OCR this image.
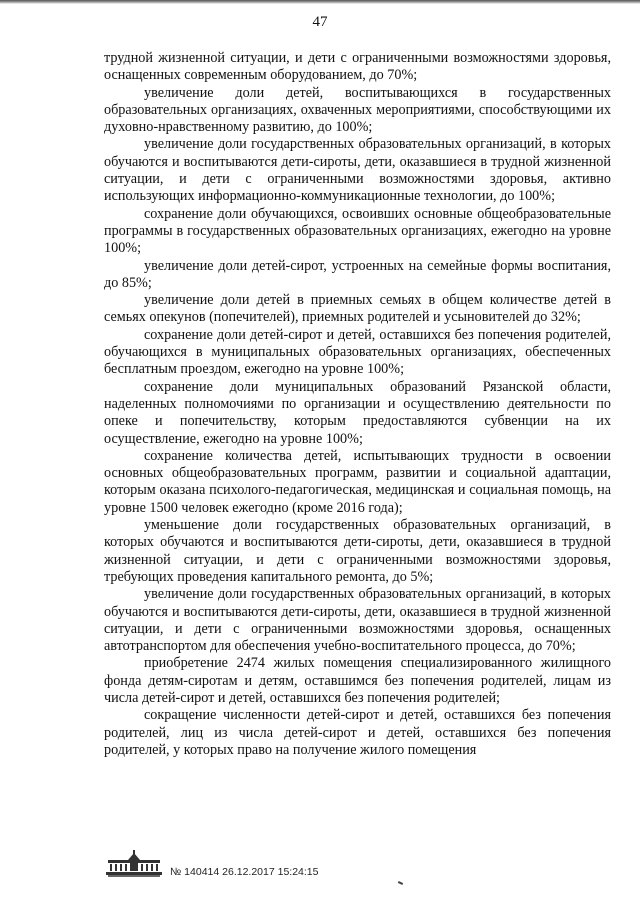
47

трудной жизненной ситуации, и дети с ограниченными возможностями здоровья, оснащенных современным оборудованием, до 70%;

увеличение доли детей, воспитывающихся в государственных образовательных организациях, охваченных мероприятиями, способствующими их духовно-нравственному развитию, до 100%;

увеличение доли государственных образовательных организаций, в которых обучаются и воспитываются дети-сироты, дети, оказавшиеся в трудной жизненной ситуации, и дети с ограниченными возможностями здоровья, активно использующих информационно-коммуникационные технологии, до 100%;

сохранение доли обучающихся, освоивших основные общеобразовательные программы в государственных образовательных организациях, ежегодно на уровне 100%;

увеличение доли детей-сирот, устроенных на семейные формы воспитания, до 85%;

увеличение доли детей в приемных семьях в общем количестве детей в семьях опекунов (попечителей), приемных родителей и усыновителей до 32%;

сохранение доли детей-сирот и детей, оставшихся без попечения родителей, обучающихся в муниципальных образовательных организациях, обеспеченных бесплатным проездом, ежегодно на уровне 100%;

сохранение доли муниципальных образований Рязанской области, наделенных полномочиями по организации и осуществлению деятельности по опеке и попечительству, которым предоставляются субвенции на их осуществление, ежегодно на уровне 100%;

сохранение количества детей, испытывающих трудности в освоении основных общеобразовательных программ, развитии и социальной адаптации, которым оказана психолого-педагогическая, медицинская и социальная помощь, на уровне 1500 человек ежегодно (кроме 2016 года);

уменьшение доли государственных образовательных организаций, в которых обучаются и воспитываются дети-сироты, дети, оказавшиеся в трудной жизненной ситуации, и дети с ограниченными возможностями здоровья, требующих проведения капитального ремонта, до 5%;

увеличение доли государственных образовательных организаций, в которых обучаются и воспитываются дети-сироты, дети, оказавшиеся в трудной жизненной ситуации, и дети с ограниченными возможностями здоровья, оснащенных автотранспортом для обеспечения учебно-воспитательного процесса, до 70%;

приобретение 2474 жилых помещения специализированного жилищного фонда детям-сиротам и детям, оставшимся без попечения родителей, лицам из числа детей-сирот и детей, оставшихся без попечения родителей;

сокращение численности детей-сирот и детей, оставшихся без попечения родителей, лиц из числа детей-сирот и детей, оставшихся без попечения родителей, у которых право на получение жилого помещения

№ 140414 26.12.2017 15:24:15
